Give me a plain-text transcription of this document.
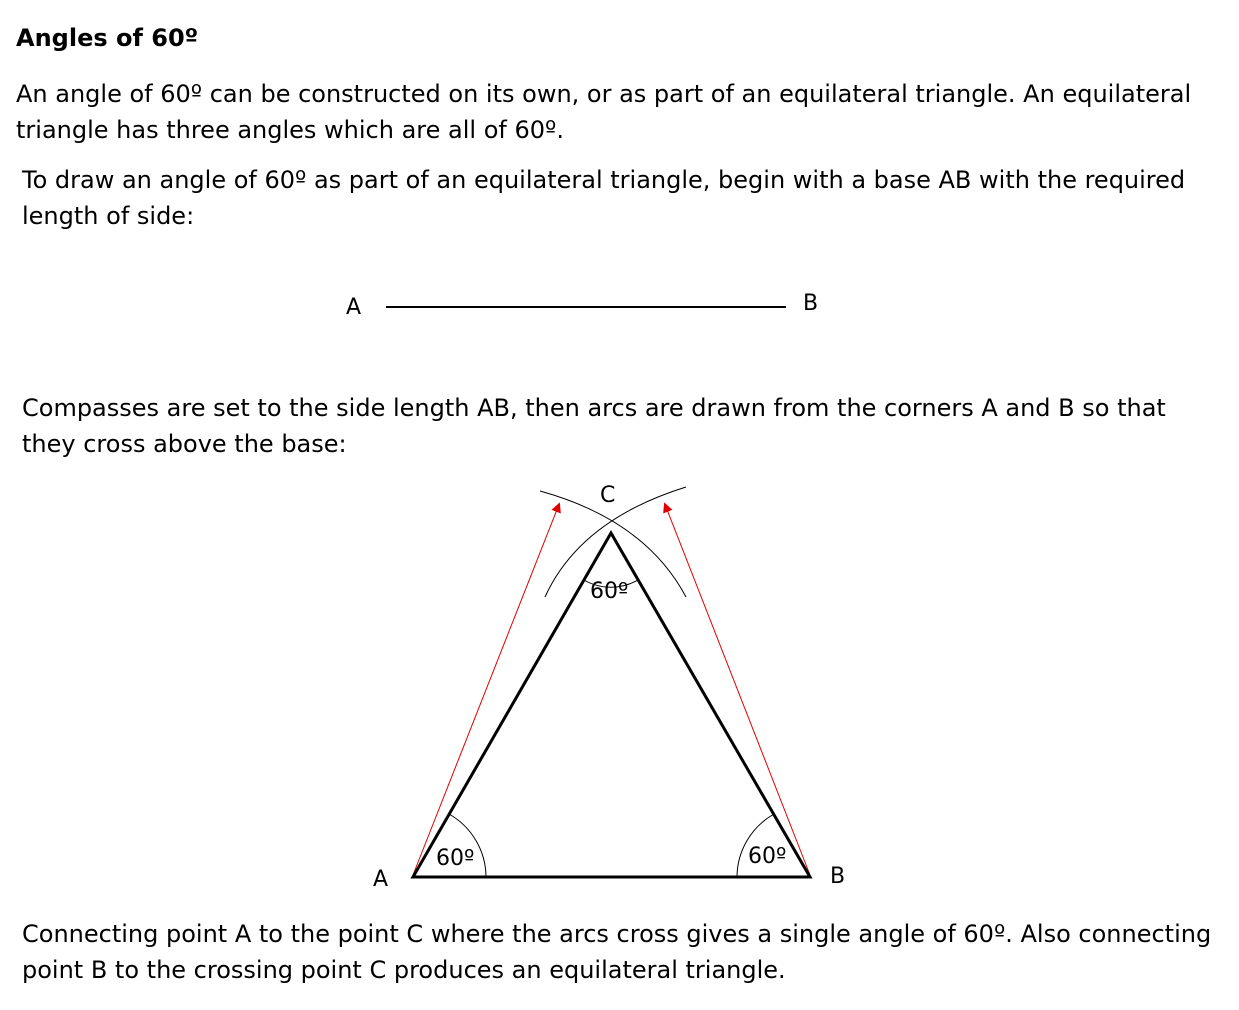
Angles of 60º

An angle of 60º can be constructed on its own, or as part of an equilateral triangle. An equilateral triangle has three angles which are all of 60º.

To draw an angle of 60º as part of an equilateral triangle, begin with a base AB with the required length of side:

A	B

Compasses are set to the side length AB, then arcs are drawn from the corners A and B so that they cross above the base:

C
60º
60º	60º
A	B

Connecting point A to the point C where the arcs cross gives a single angle of 60º. Also connecting point B to the crossing point C produces an equilateral triangle.
